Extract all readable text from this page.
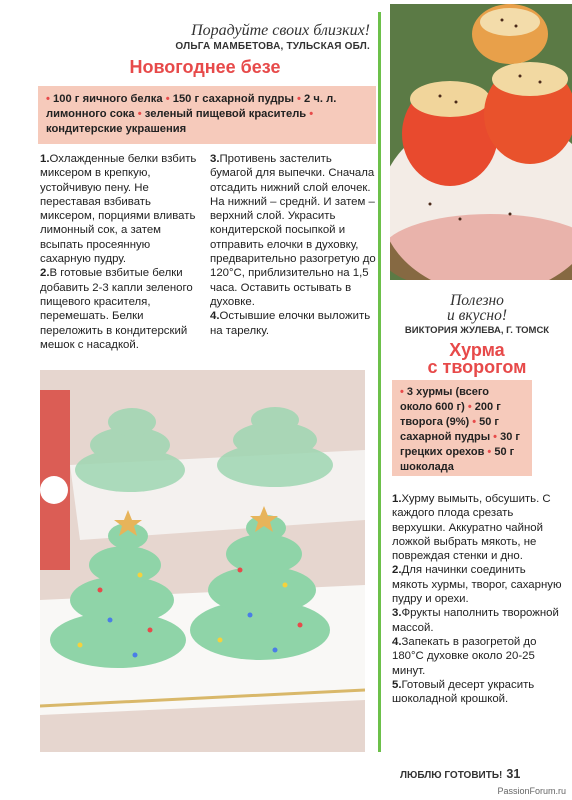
Порадуйте своих близких!
ОЛЬГА МАМБЕТОВА, ТУЛЬСКАЯ ОБЛ.
Новогоднее безе
• 100 г яичного белка • 150 г сахарной пудры • 2 ч. л. лимонного сока • зеленый пищевой краситель • кондитерские украшения

1.Охлажденные белки взбить миксером в крепкую, устойчивую пену. Не переставая взбивать миксером, порциями вливать лимонный сок, а затем всыпать просеянную сахарную пудру.

2.В готовые взбитые белки добавить 2-3 капли зеленого пищевого красителя, перемешать. Белки переложить в кондитерский мешок с насадкой.

3.Противень застелить бумагой для выпечки. Сначала отсадить нижний слой елочек. На нижний – среднй. И затем – верхний слой. Украсить кондитерской посыпкой и отправить елочки в духовку, предварительно разогретую до 120°С, приблизительно на 1,5 часа. Оставить остывать в духовке.

4.Остывшие елочки выложить на тарелку.

Полезно
и вкусно!
ВИКТОРИЯ ЖУЛЕВА, Г. ТОМСК
Хурма
с творогом
• 3 хурмы (всего около 600 г) • 200 г творога (9%) • 50 г сахарной пудры • 30 г грецких орехов • 50 г шоколада

1.Хурму вымыть, обсушить. С каждого плода срезать верхушки. Аккуратно чайной ложкой выбрать мякоть, не повреждая стенки и дно.

2.Для начинки соединить мякоть хурмы, творог, сахарную пудру и орехи.

3.Фрукты наполнить творожной массой.

4.Запекать в разогретой до 180°С духовке около 20-25 минут.

5.Готовый десерт украсить шоколадной крошкой.

ЛЮБЛЮ ГОТОВИТЬ! 31
PassionForum.ru
